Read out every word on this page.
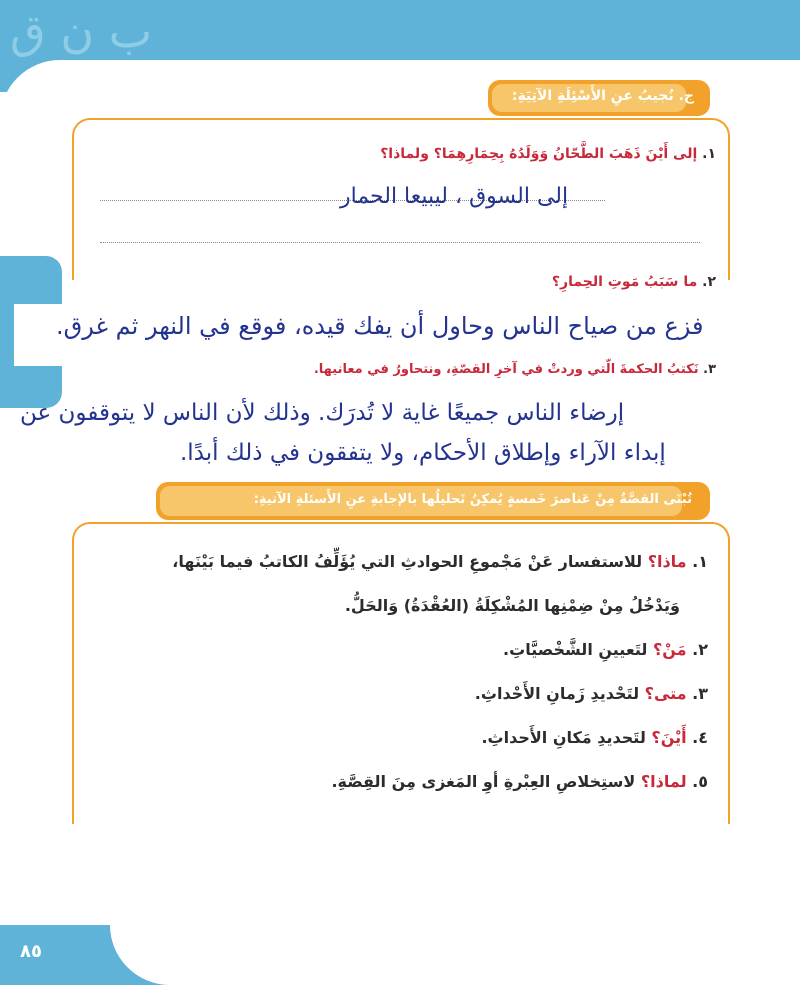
ب ن ق
ج. نُجيبُ عنِ الأَسْئِلَةِ الآتِيَةِ:
١. إلى أَيْنَ ذَهَبَ الطَّحّانُ وَوَلَدُهُ بِحِمَارِهِمَا؟ ولماذا؟
إلى السوق ، ليبيعا الحمار
٢. ما سَبَبُ مَوتِ الحِمارِ؟
فزع من صياح الناس وحاول أن يفك قيده، فوقع في النهر ثم غرق.
٣. نَكتبُ الحكمةَ الّتي وردتْ في آخرِ القصّةِ، ونتحاورُ في معانيها.
إرضاء الناس جميعًا غاية لا تُدرَك. وذلك لأن الناس لا يتوقفون عن
إبداء الآراء وإطلاق الأحكام، ولا يتفقون في ذلك أبدًا.
تُبْنَى القصَّةُ مِنْ عَناصرَ خَمسةٍ يُمكِنُ تَحليلُها بالإجابةِ عنِ الأَسئلةِ الآتيةِ:
١. ماذا؟ للاستفسار عَنْ مَجْموعِ الحوادثِ التي يُؤَلِّفُ الكاتبُ فيما بَيْنَها،
وَيَدْخُلُ مِنْ ضِمْنِها المُشْكِلَةُ (العُقْدَةُ) وَالحَلُّ.
٢. مَنْ؟ لتَعيينِ الشَّخْصيَّاتِ.
٣. متى؟ لتَحْديدِ زَمانِ الأَحْداثِ.
٤. أَيْنَ؟ لتَحديدِ مَكانِ الأَحداثِ.
٥. لماذا؟ لاستِخلاصِ العِبْرةِ أوِ المَغزى مِنَ القِصَّةِ.
٨٥
